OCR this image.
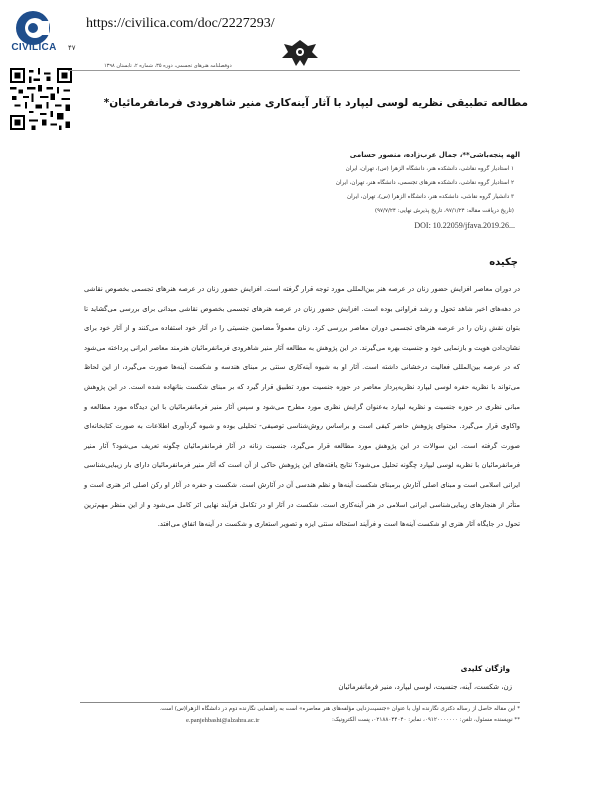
CIVILICA
https://civilica.com/doc/2227293/
۴۷
دوفصلنامه هنرهای تجسمی، دوره ۳۵، شماره ۲، تابستان ۱۳۹۸
مطالعه تطبیقی نظریه لوسی لیپارد با آثار آینه‌کاری منیر شاهرودی فرمانفرمائیان*
الهه پنجه‌باشی**، جمال عرب‌زاده، منصور حسامی
۱ استادیار گروه نقاشی، دانشکده هنر، دانشگاه الزهرا (س)، تهران، ایران
۲ استادیار گروه نقاشی، دانشکده هنرهای تجسمی، دانشگاه هنر، تهران، ایران
۳ دانشیار گروه نقاشی، دانشکده هنر، دانشگاه الزهرا (س)، تهران، ایران
(تاریخ دریافت مقاله: ۹۷/۱/۲۴، تاریخ پذیرش نهایی: ۹۷/۷/۲۴)
DOI: 10.22059/jfava.2019.26...
چکیده
در دوران معاصر افزایش حضور زنان در عرصه هنر بین‌المللی مورد توجه قرار گرفته است. افزایش حضور زنان در عرصه هنرهای تجسمی بخصوص نقاشی در دهه‌های اخیر شاهد تحول و رشد فراوانی بوده است. افزایش حضور زنان در عرصه هنرهای تجسمی بخصوص نقاشی میدانی برای بررسی می‌گشاید تا بتوان نقش زنان را در عرصه هنرهای تجسمی دوران معاصر بررسی کرد. زنان معمولاً مضامین جنسیتی را در آثار خود استفاده می‌کنند و از آثار خود برای نشان‌دادن هویت و بازنمایی خود و جنسیت بهره می‌گیرند. در این پژوهش به مطالعه آثار منیر شاهرودی فرمانفرمائیان هنرمند معاصر ایرانی پرداخته می‌شود که در عرصه بین‌المللی فعالیت درخشانی داشته است. آثار او به شیوه آینه‌کاری سنتی بر مبنای هندسه و شکست آینه‌ها صورت می‌گیرد، از این لحاظ می‌تواند با نظریه حفره لوسی لیپارد نظریه‌پرداز معاصر در حوزه جنسیت مورد تطبیق قرار گیرد که بر مبنای شکست بنانهاده شده است. در این پژوهش مبانی نظری در حوزه جنسیت و نظریه لیپارد به‌عنوان گرایش نظری مورد مطرح می‌شود و سپس آثار منیر فرمانفرمائیان با این دیدگاه مورد مطالعه و واکاوی قرار می‌گیرد. محتوای پژوهش حاضر کیفی است و براساس روش‌شناسی توصیفی- تحلیلی بوده و شیوه گردآوری اطلاعات به صورت کتابخانه‌ای صورت گرفته است. این سوالات در این پژوهش مورد مطالعه قرار می‌گیرد، جنسیت زنانه در آثار فرمانفرمائیان چگونه تعریف می‌شود؟ آثار منیر فرمانفرمائیان با نظریه لوسی لیپارد چگونه تحلیل می‌شود؟ نتایج یافته‌های این پژوهش حاکی از آن است که آثار منیر فرمانفرمائیان دارای بار زیبایی‌شناسی ایرانی اسلامی است و مبنای اصلی آثارش برمبنای شکست آینه‌ها و نظم هندسی آن در آثارش است. شکست و حفره در آثار او رکن اصلی اثر هنری است و متأثر از هنجارهای زیبایی‌شناسی ایرانی اسلامی در هنر آینه‌کاری است. شکست در آثار او در تکامل فرآیند نهایی اثر کامل می‌شود و از این منظر مهم‌ترین تحول در جایگاه آثار هنری او شکست آینه‌ها است و فرآیند استحاله سنتی ایزه و تصویر استعاری و شکست در آینه‌ها اتفاق می‌افتد.
واژگان کلیدی
زن، شکست، آینه، جنسیت، لوسی لیپارد، منیر فرمانفرمائیان
* این مقاله حاصل از رساله دکتری نگارنده اول با عنوان «جنسیت‌زدایی مؤلفه‌های هنر معاصره» است به راهنمایی نگارنده دوم در دانشگاه الزهرا(س) است.
** نویسنده مسئول، تلفن: ۰۹۱۲۰۰۰۰۰۰۰، نمابر: ۰۲۱۸۸۰۴۴۰۴۰، پست الکترونیک:
e.panjehbashi@alzahra.ac.ir
